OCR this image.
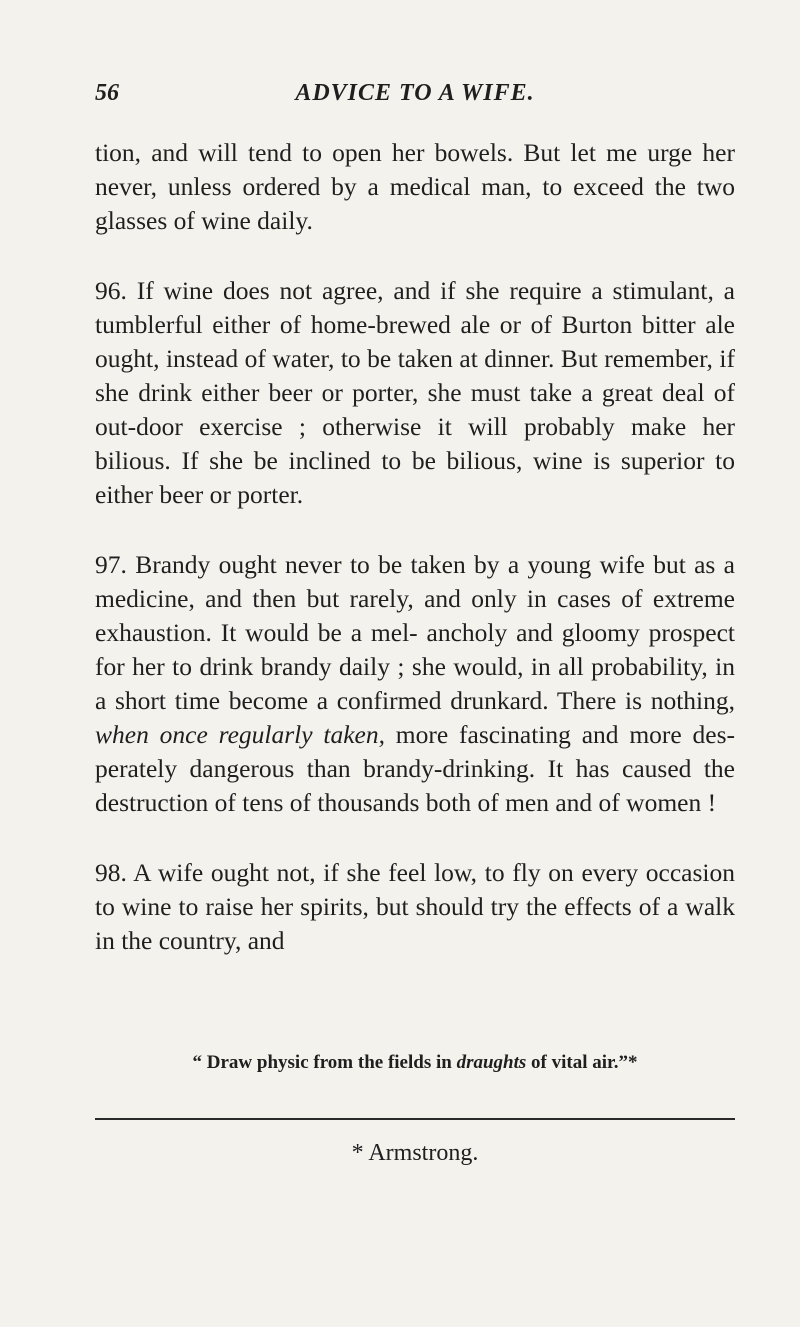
56	ADVICE TO A WIFE.

tion, and will tend to open her bowels. But let me urge her never, unless ordered by a medical man, to exceed the two glasses of wine daily.

96. If wine does not agree, and if she require a stimulant, a tumblerful either of home-brewed ale or of Burton bitter ale ought, instead of water, to be taken at dinner. But remember, if she drink either beer or porter, she must take a great deal of out-door exercise ; otherwise it will probably make her bilious. If she be inclined to be bilious, wine is superior to either beer or porter.

97. Brandy ought never to be taken by a young wife but as a medicine, and then but rarely, and only in cases of extreme exhaustion. It would be a mel- ancholy and gloomy prospect for her to drink brandy daily ; she would, in all probability, in a short time become a confirmed drunkard. There is nothing, when once regularly taken, more fascinating and more des- perately dangerous than brandy-drinking. It has caused the destruction of tens of thousands both of men and of women !

98. A wife ought not, if she feel low, to fly on every occasion to wine to raise her spirits, but should try the effects of a walk in the country, and

“ Draw physic from the fields in draughts of vital air.”*
* Armstrong.
